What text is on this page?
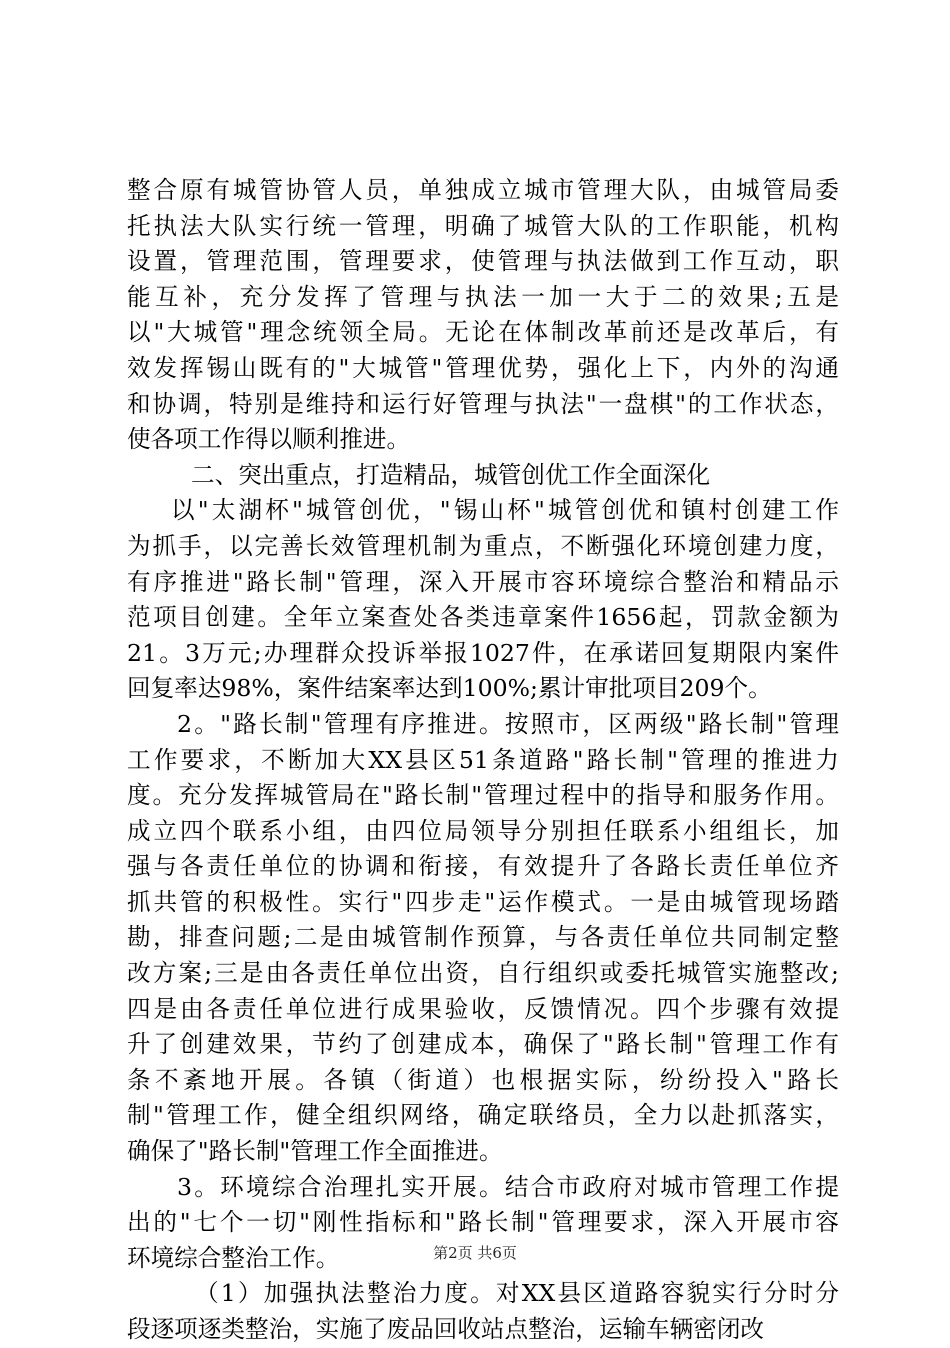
整合原有城管协管人员，单独成立城市管理大队，由城管局委
托执法大队实行统一管理，明确了城管大队的工作职能，机构
设置，管理范围，管理要求，使管理与执法做到工作互动，职
能互补，充分发挥了管理与执法一加一大于二的效果;五是
以"大城管"理念统领全局。无论在体制改革前还是改革后，有
效发挥锡山既有的"大城管"管理优势，强化上下，内外的沟通
和协调，特别是维持和运行好管理与执法"一盘棋"的工作状态，
使各项工作得以顺利推进。
二、突出重点，打造精品，城管创优工作全面深化
以"太湖杯"城管创优，"锡山杯"城管创优和镇村创建工作
为抓手，以完善长效管理机制为重点，不断强化环境创建力度，
有序推进"路长制"管理，深入开展市容环境综合整治和精品示
范项目创建。全年立案查处各类违章案件1656起，罚款金额为
21。3万元;办理群众投诉举报1027件，在承诺回复期限内案件
回复率达98%，案件结案率达到100%;累计审批项目209个。
2。"路长制"管理有序推进。按照市，区两级"路长制"管理
工作要求，不断加大XX县区51条道路"路长制"管理的推进力
度。充分发挥城管局在"路长制"管理过程中的指导和服务作用。
成立四个联系小组，由四位局领导分别担任联系小组组长，加
强与各责任单位的协调和衔接，有效提升了各路长责任单位齐
抓共管的积极性。实行"四步走"运作模式。一是由城管现场踏
勘，排查问题;二是由城管制作预算，与各责任单位共同制定整
改方案;三是由各责任单位出资，自行组织或委托城管实施整改;
四是由各责任单位进行成果验收，反馈情况。四个步骤有效提
升了创建效果，节约了创建成本，确保了"路长制"管理工作有
条不紊地开展。各镇（街道）也根据实际，纷纷投入"路长
制"管理工作，健全组织网络，确定联络员，全力以赴抓落实，
确保了"路长制"管理工作全面推进。
3。环境综合治理扎实开展。结合市政府对城市管理工作提
出的"七个一切"刚性指标和"路长制"管理要求，深入开展市容
环境综合整治工作。
（1）加强执法整治力度。对XX县区道路容貌实行分时分
段逐项逐类整治，实施了废品回收站点整治，运输车辆密闭改
第2页 共6页
